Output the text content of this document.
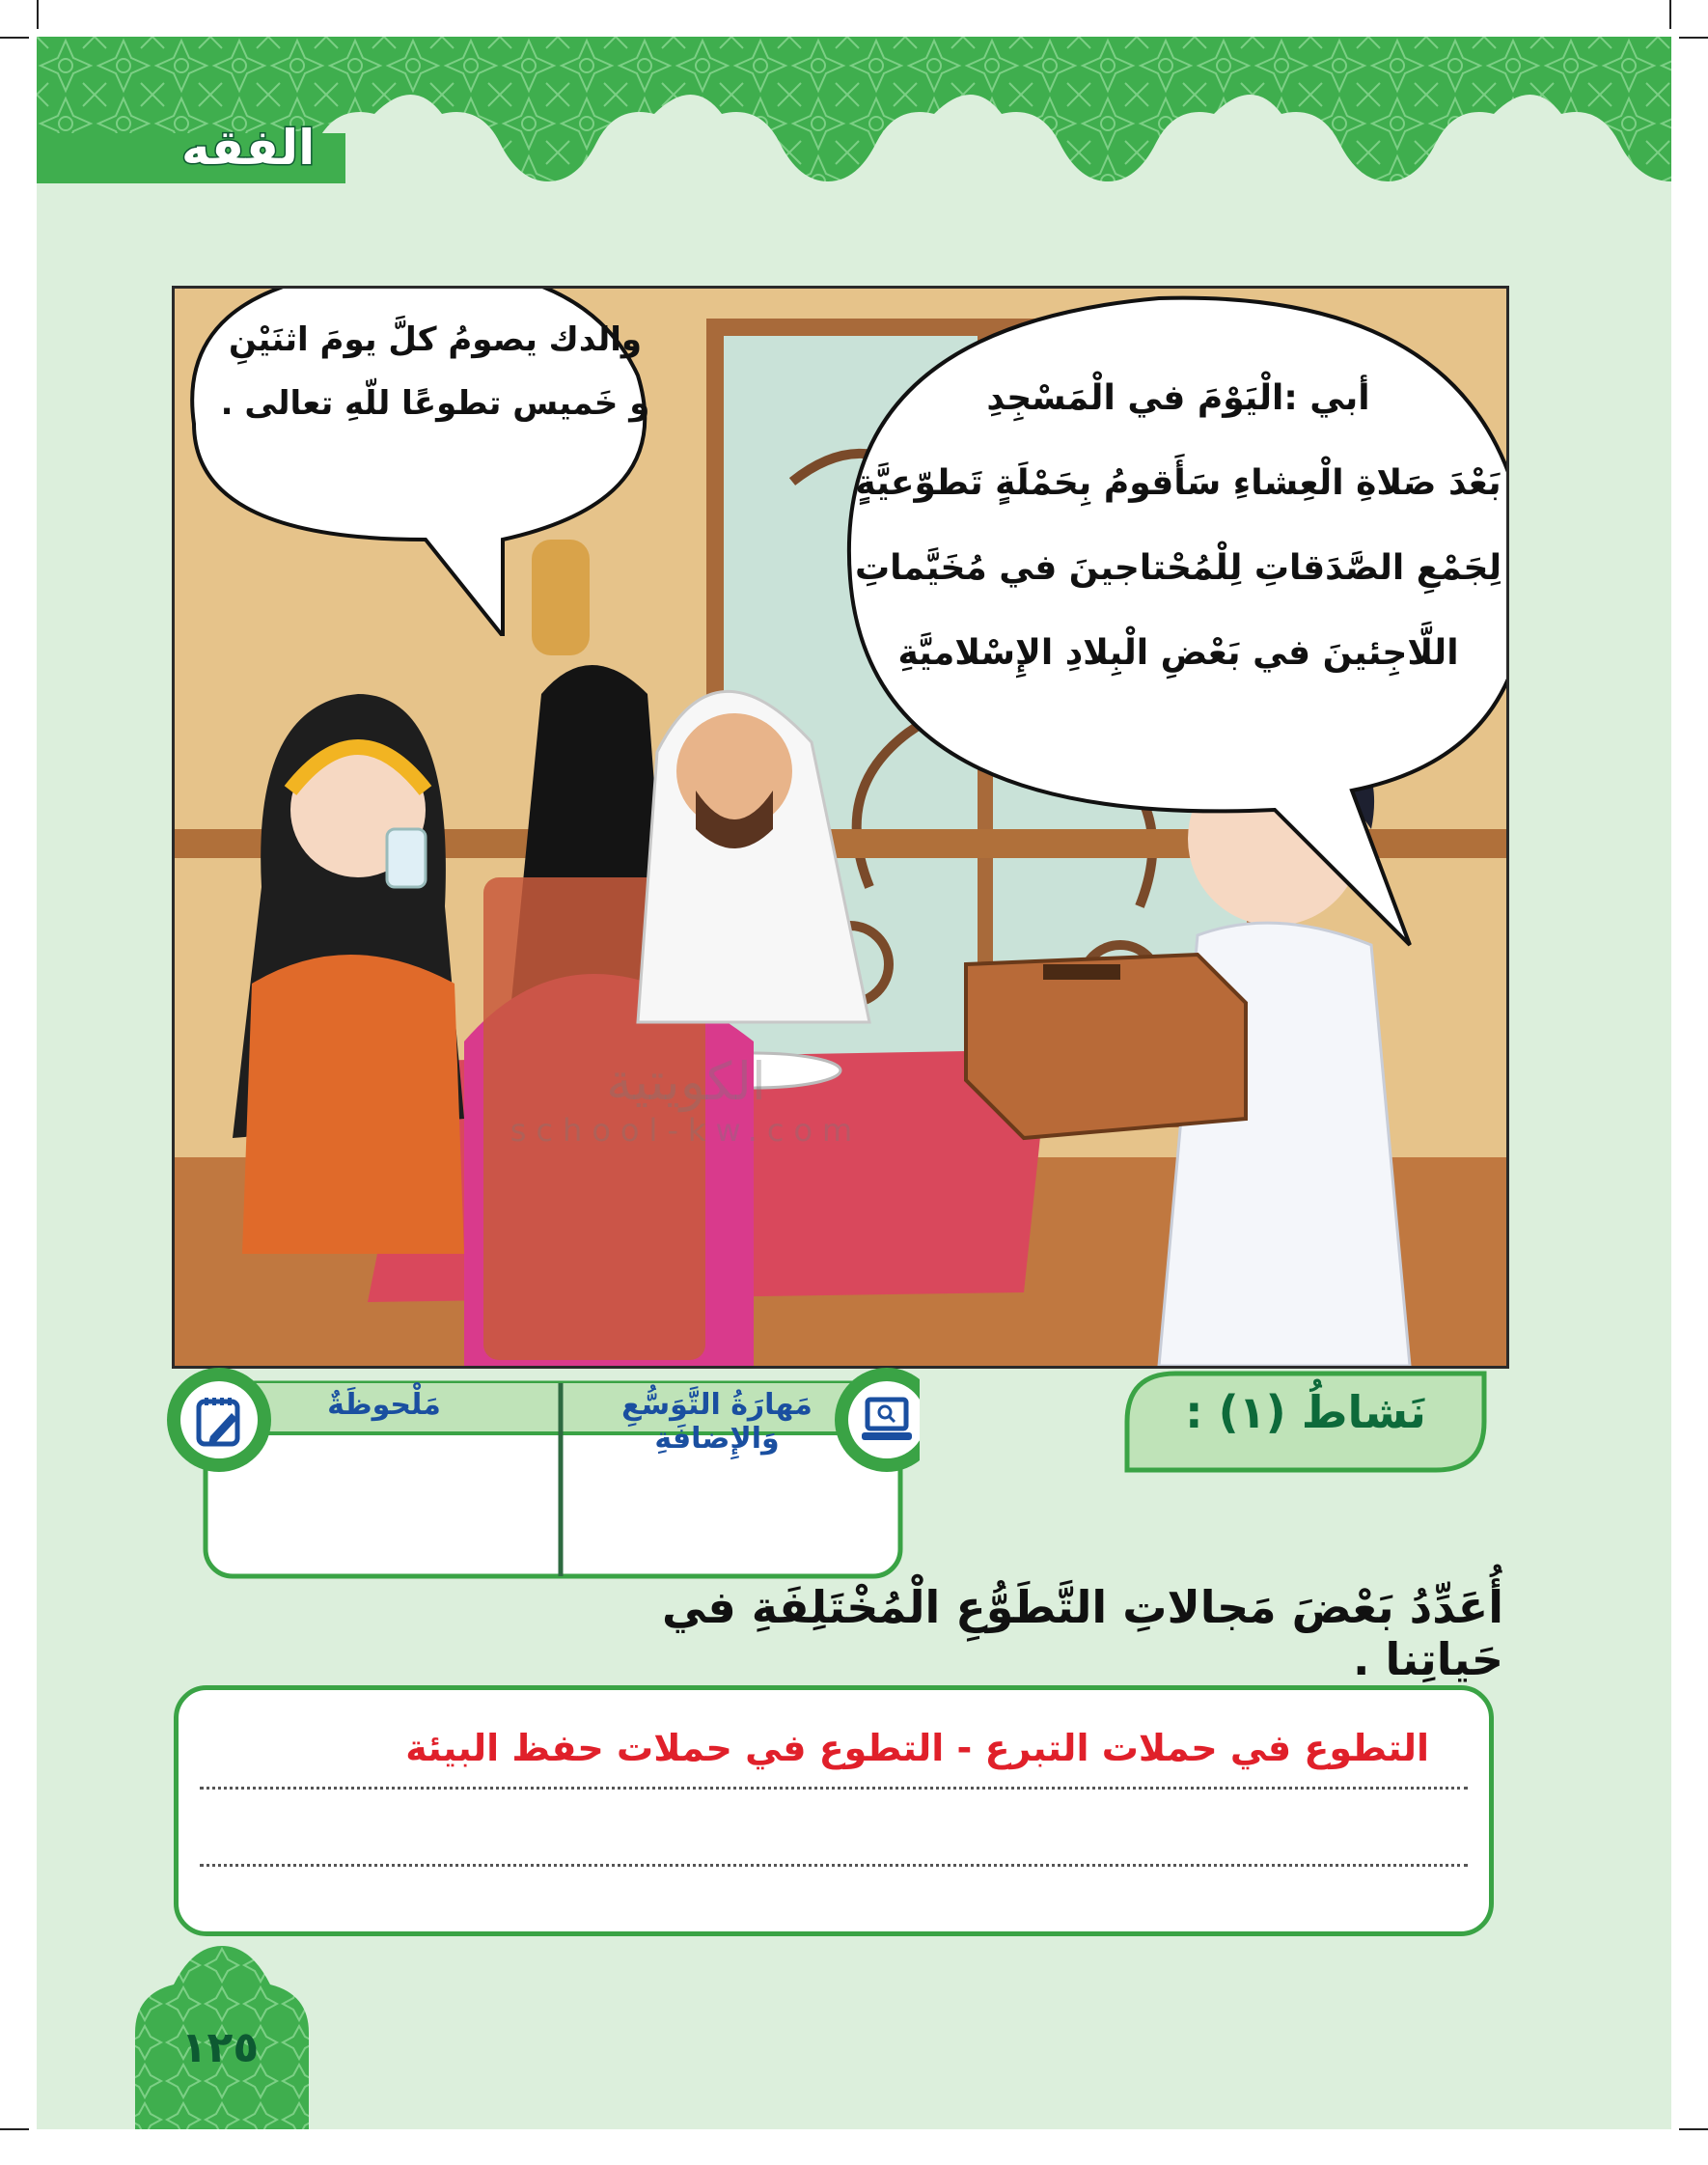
الفقه
والدك يصومُ كلَّ يومَ اثنَيْنِ
و خَميس تطوعًا للّهِ تعالى .	أبي :الْيَوْمَ في الْمَسْجِدِ
بَعْدَ صَلاةِ الْعِشاءِ سَأَقومُ بِحَمْلَةٍ تَطوّعيَّةٍ
لِجَمْعِ الصَّدَقاتِ لِلْمُحْتاجينَ في مُخَيَّماتِ
اللَّاجِئينَ في بَعْضِ الْبِلادِ الإِسْلاميَّةِ
الكويتية
school-kw.com
مَهارَةُ التَّوَسُّعِ وَالإِضافَةِ
مَلْحوظَةٌ	نَشاطُ (١) :
أُعَدِّدُ بَعْضَ مَجالاتِ التَّطَوُّعِ الْمُخْتَلِفَةِ في حَياتِنا .
التطوع في حملات التبرع - التطوع في حملات حفظ البيئة
١٢٥
